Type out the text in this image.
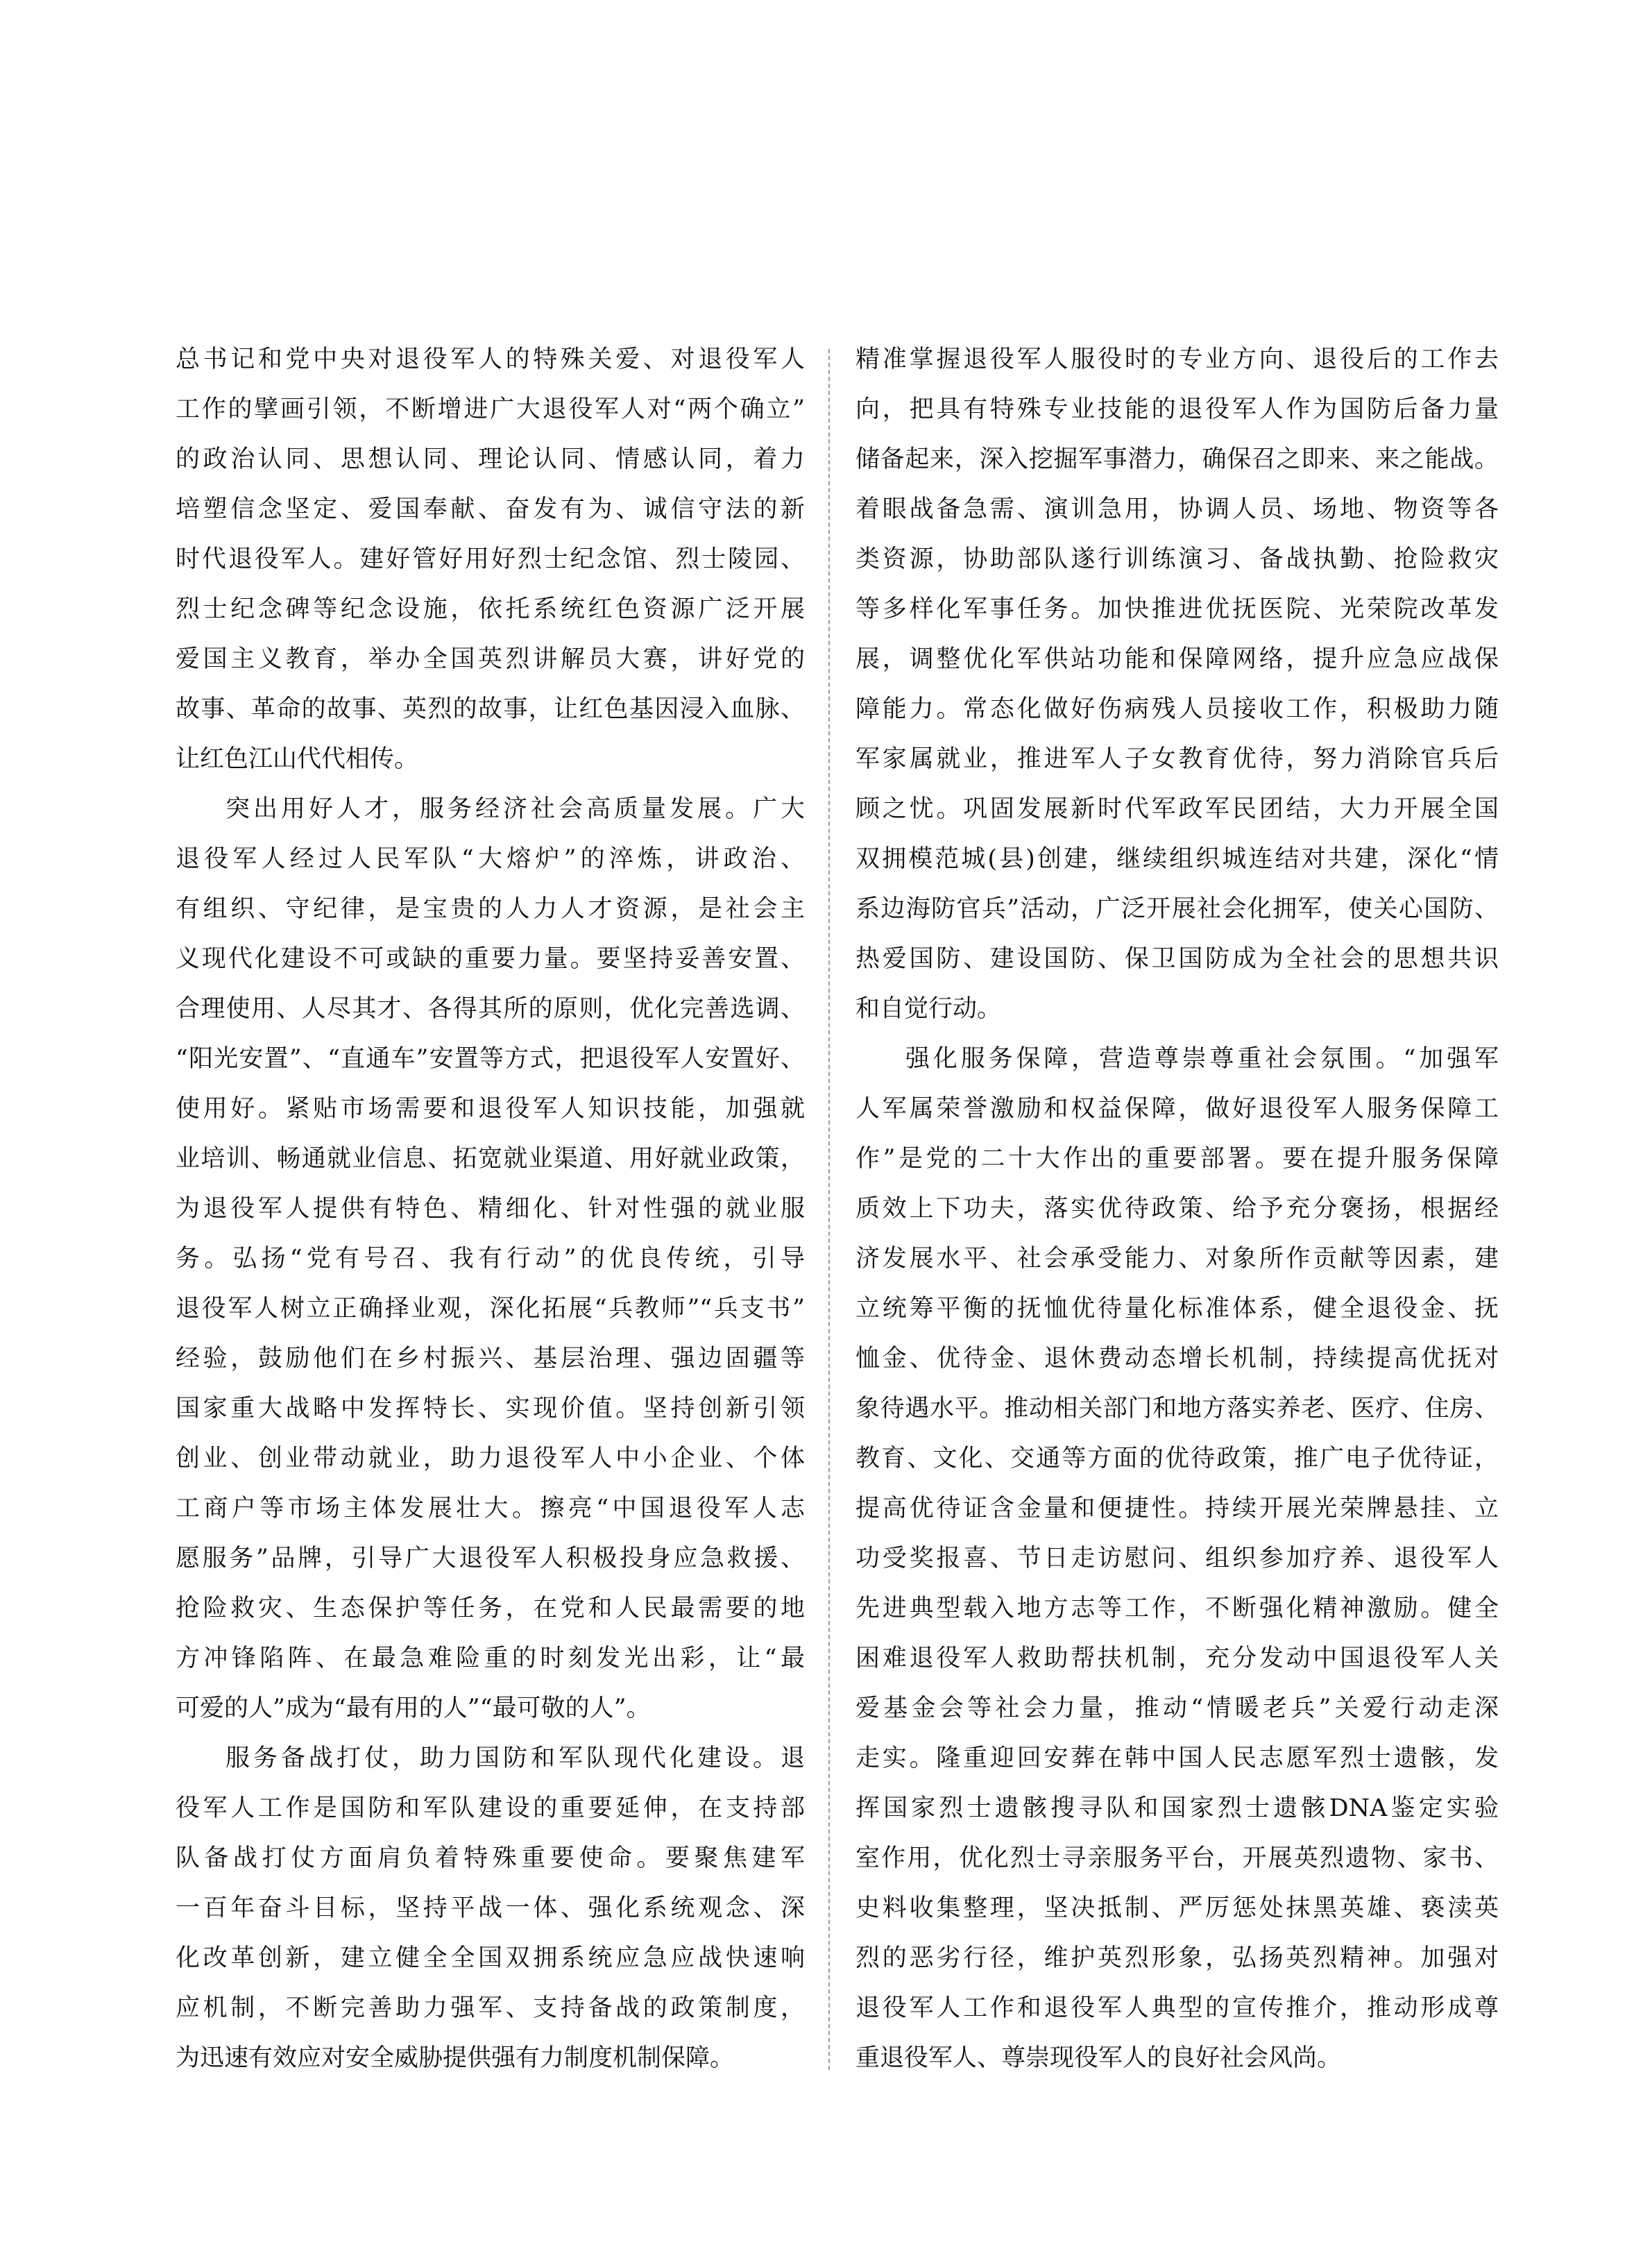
总书记和党中央对退役军人的特殊关爱、对退役军人
工作的擘画引领，不断增进广大退役军人对“两个确立”
的政治认同、思想认同、理论认同、情感认同，着力
培塑信念坚定、爱国奉献、奋发有为、诚信守法的新
时代退役军人。建好管好用好烈士纪念馆、烈士陵园、
烈士纪念碑等纪念设施，依托系统红色资源广泛开展
爱国主义教育，举办全国英烈讲解员大赛，讲好党的
故事、革命的故事、英烈的故事，让红色基因浸入血脉、
让红色江山代代相传。
突出用好人才，服务经济社会高质量发展。广大
退役军人经过人民军队“大熔炉”的淬炼，讲政治、
有组织、守纪律，是宝贵的人力人才资源，是社会主
义现代化建设不可或缺的重要力量。要坚持妥善安置、
合理使用、人尽其才、各得其所的原则，优化完善选调、
“阳光安置”、“直通车”安置等方式，把退役军人安置好、
使用好。紧贴市场需要和退役军人知识技能，加强就
业培训、畅通就业信息、拓宽就业渠道、用好就业政策，
为退役军人提供有特色、精细化、针对性强的就业服
务。弘扬“党有号召、我有行动”的优良传统，引导
退役军人树立正确择业观，深化拓展“兵教师”“兵支书”
经验，鼓励他们在乡村振兴、基层治理、强边固疆等
国家重大战略中发挥特长、实现价值。坚持创新引领
创业、创业带动就业，助力退役军人中小企业、个体
工商户等市场主体发展壮大。擦亮“中国退役军人志
愿服务”品牌，引导广大退役军人积极投身应急救援、
抢险救灾、生态保护等任务，在党和人民最需要的地
方冲锋陷阵、在最急难险重的时刻发光出彩，让“最
可爱的人”成为“最有用的人”“最可敬的人”。
服务备战打仗，助力国防和军队现代化建设。退
役军人工作是国防和军队建设的重要延伸，在支持部
队备战打仗方面肩负着特殊重要使命。要聚焦建军
一百年奋斗目标，坚持平战一体、强化系统观念、深
化改革创新，建立健全全国双拥系统应急应战快速响
应机制，不断完善助力强军、支持备战的政策制度，
为迅速有效应对安全威胁提供强有力制度机制保障。
精准掌握退役军人服役时的专业方向、退役后的工作去
向，把具有特殊专业技能的退役军人作为国防后备力量
储备起来，深入挖掘军事潜力，确保召之即来、来之能战。
着眼战备急需、演训急用，协调人员、场地、物资等各
类资源，协助部队遂行训练演习、备战执勤、抢险救灾
等多样化军事任务。加快推进优抚医院、光荣院改革发
展，调整优化军供站功能和保障网络，提升应急应战保
障能力。常态化做好伤病残人员接收工作，积极助力随
军家属就业，推进军人子女教育优待，努力消除官兵后
顾之忧。巩固发展新时代军政军民团结，大力开展全国
双拥模范城(县)创建，继续组织城连结对共建，深化“情
系边海防官兵”活动，广泛开展社会化拥军，使关心国防、
热爱国防、建设国防、保卫国防成为全社会的思想共识
和自觉行动。
强化服务保障，营造尊崇尊重社会氛围。“加强军
人军属荣誉激励和权益保障，做好退役军人服务保障工
作”是党的二十大作出的重要部署。要在提升服务保障
质效上下功夫，落实优待政策、给予充分褒扬，根据经
济发展水平、社会承受能力、对象所作贡献等因素，建
立统筹平衡的抚恤优待量化标准体系，健全退役金、抚
恤金、优待金、退休费动态增长机制，持续提高优抚对
象待遇水平。推动相关部门和地方落实养老、医疗、住房、
教育、文化、交通等方面的优待政策，推广电子优待证，
提高优待证含金量和便捷性。持续开展光荣牌悬挂、立
功受奖报喜、节日走访慰问、组织参加疗养、退役军人
先进典型载入地方志等工作，不断强化精神激励。健全
困难退役军人救助帮扶机制，充分发动中国退役军人关
爱基金会等社会力量，推动“情暖老兵”关爱行动走深
走实。隆重迎回安葬在韩中国人民志愿军烈士遗骸，发
挥国家烈士遗骸搜寻队和国家烈士遗骸DNA鉴定实验
室作用，优化烈士寻亲服务平台，开展英烈遗物、家书、
史料收集整理，坚决抵制、严厉惩处抹黑英雄、亵渎英
烈的恶劣行径，维护英烈形象，弘扬英烈精神。加强对
退役军人工作和退役军人典型的宣传推介，推动形成尊
重退役军人、尊崇现役军人的良好社会风尚。
